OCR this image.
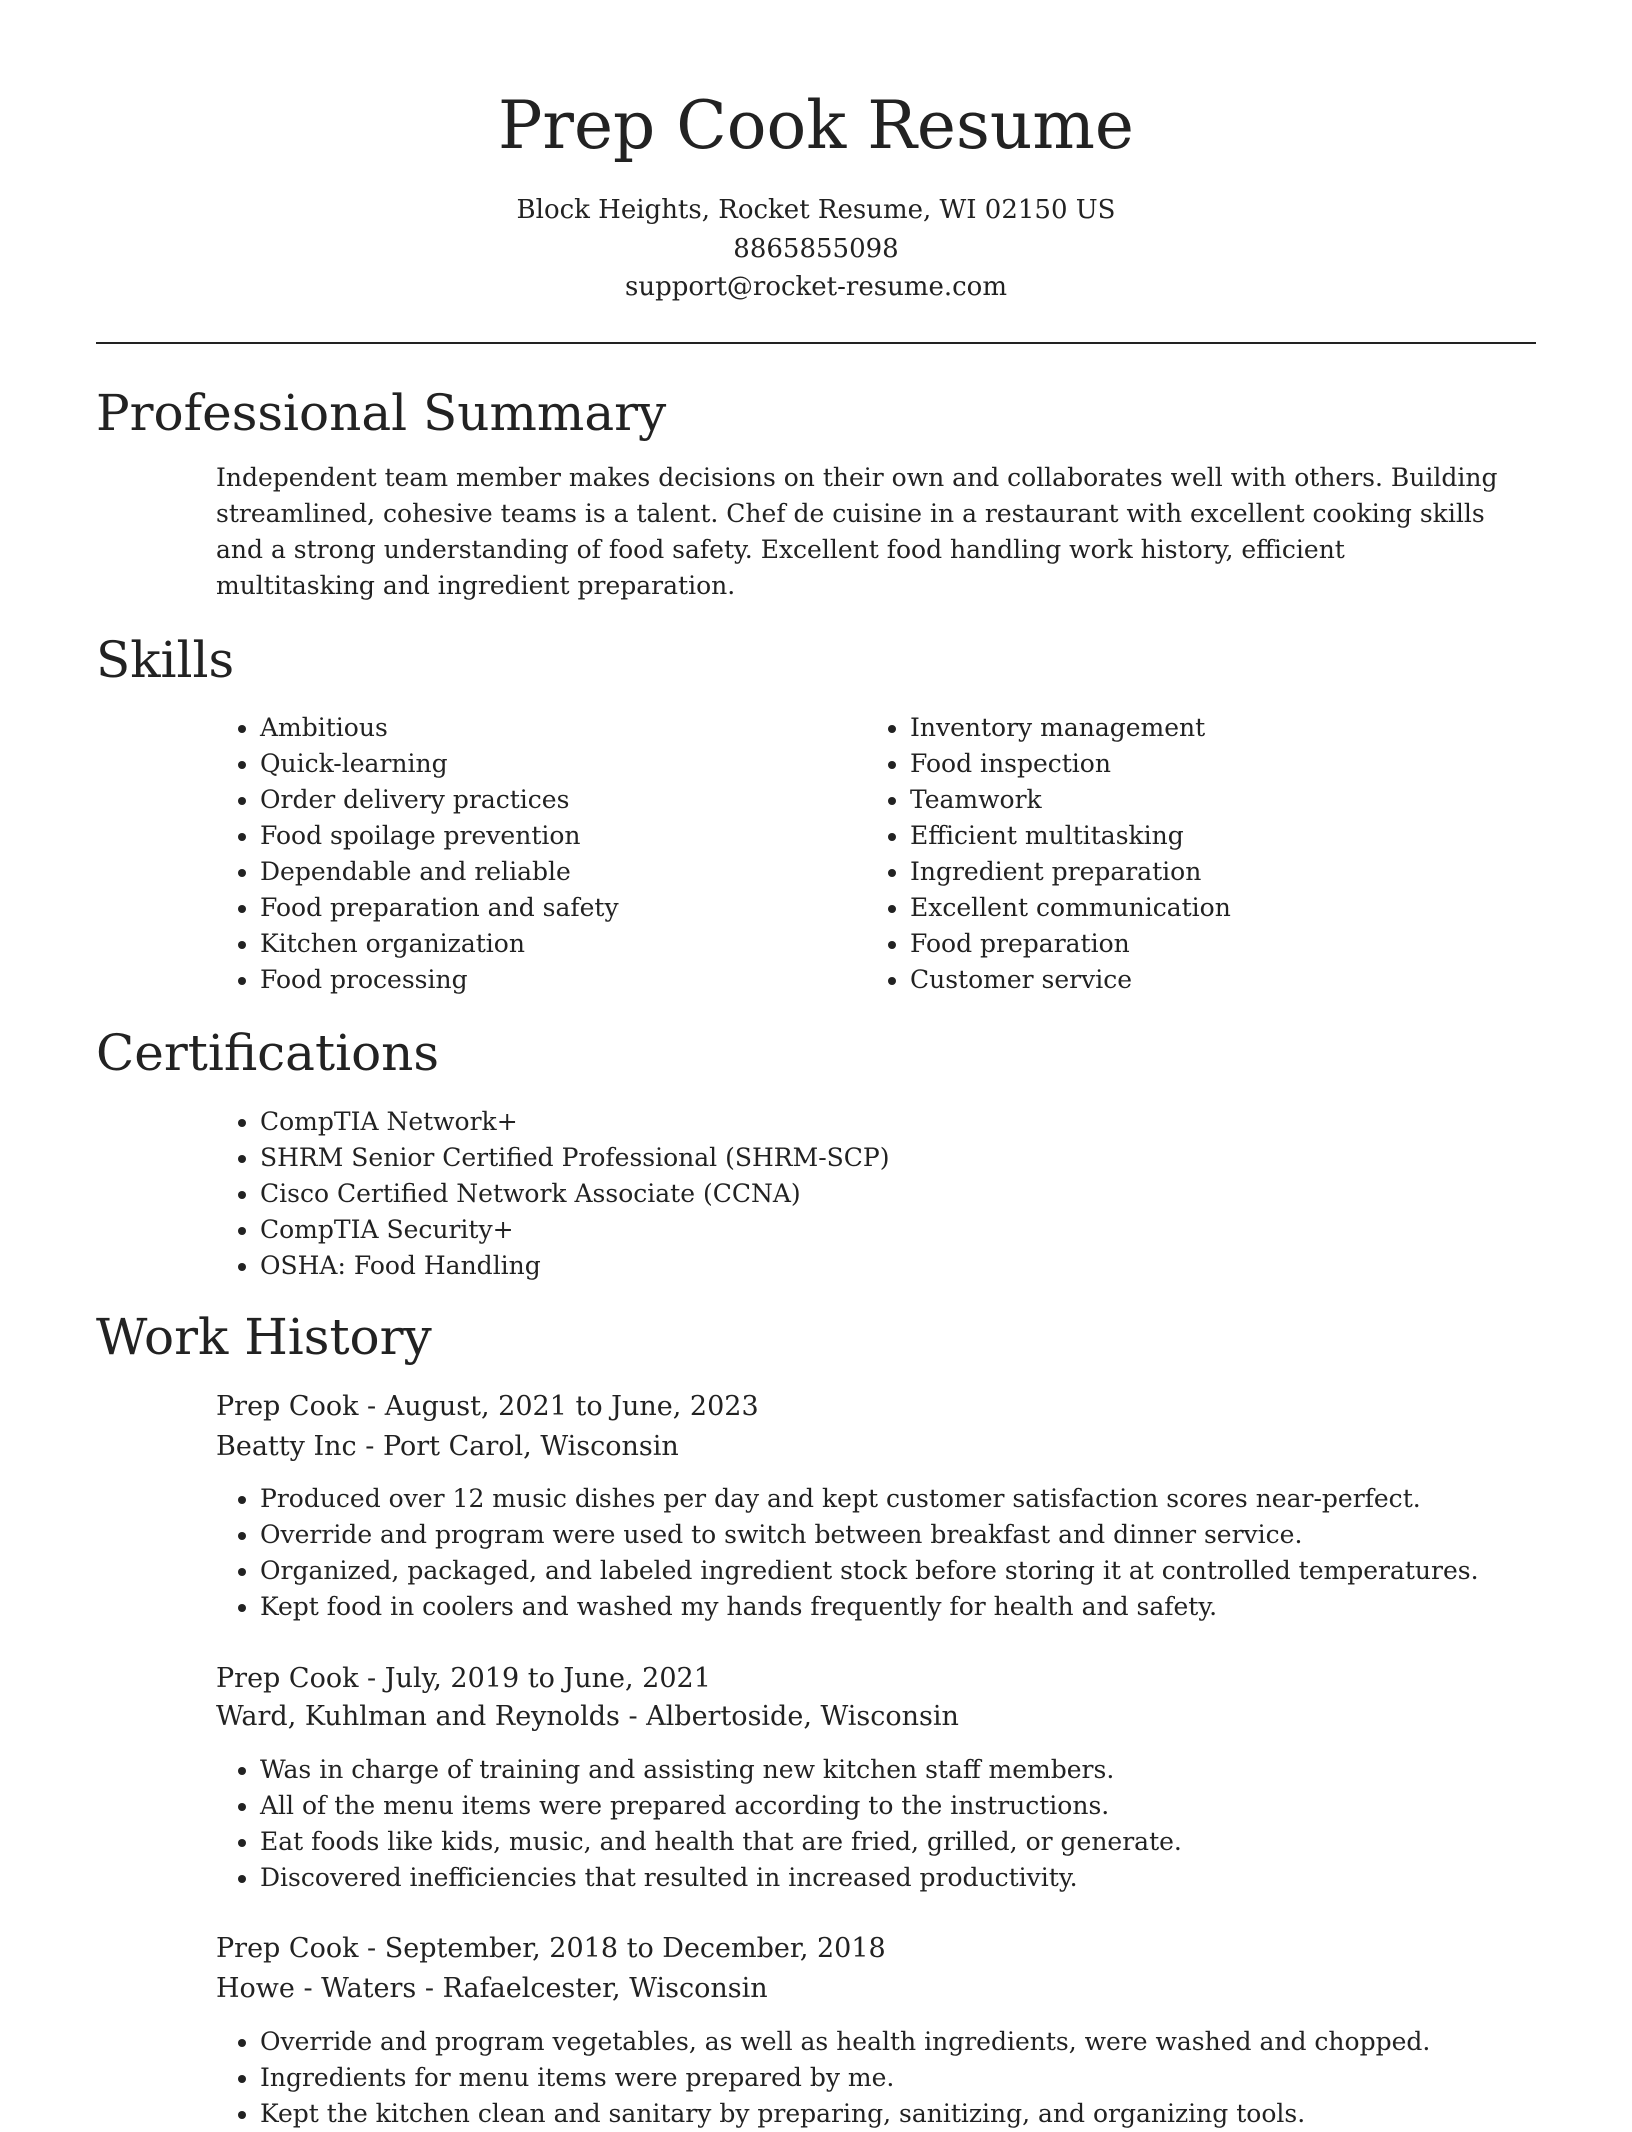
Prep Cook Resume
Block Heights, Rocket Resume, WI 02150 US
8865855098
support@rocket-resume.com
Professional Summary

Independent team member makes decisions on their own and collaborates well with others. Building streamlined, cohesive teams is a talent. Chef de cuisine in a restaurant with excellent cooking skills and a strong understanding of food safety. Excellent food handling work history, efficient multitasking and ingredient preparation.

Skills
• Ambitious
• Quick-learning
• Order delivery practices
• Food spoilage prevention
• Dependable and reliable
• Food preparation and safety
• Kitchen organization
• Food processing
• Inventory management
• Food inspection
• Teamwork
• Efficient multitasking
• Ingredient preparation
• Excellent communication
• Food preparation
• Customer service
Certifications
• CompTIA Network+
• SHRM Senior Certified Professional (SHRM-SCP)
• Cisco Certified Network Associate (CCNA)
• CompTIA Security+
• OSHA: Food Handling
Work History
Prep Cook - August, 2021 to June, 2023
Beatty Inc - Port Carol, Wisconsin
• Produced over 12 music dishes per day and kept customer satisfaction scores near-perfect.
• Override and program were used to switch between breakfast and dinner service.
• Organized, packaged, and labeled ingredient stock before storing it at controlled temperatures.
• Kept food in coolers and washed my hands frequently for health and safety.
Prep Cook - July, 2019 to June, 2021
Ward, Kuhlman and Reynolds - Albertoside, Wisconsin
• Was in charge of training and assisting new kitchen staff members.
• All of the menu items were prepared according to the instructions.
• Eat foods like kids, music, and health that are fried, grilled, or generate.
• Discovered inefficiencies that resulted in increased productivity.
Prep Cook - September, 2018 to December, 2018
Howe - Waters - Rafaelcester, Wisconsin
• Override and program vegetables, as well as health ingredients, were washed and chopped.
• Ingredients for menu items were prepared by me.
• Kept the kitchen clean and sanitary by preparing, sanitizing, and organizing tools.
